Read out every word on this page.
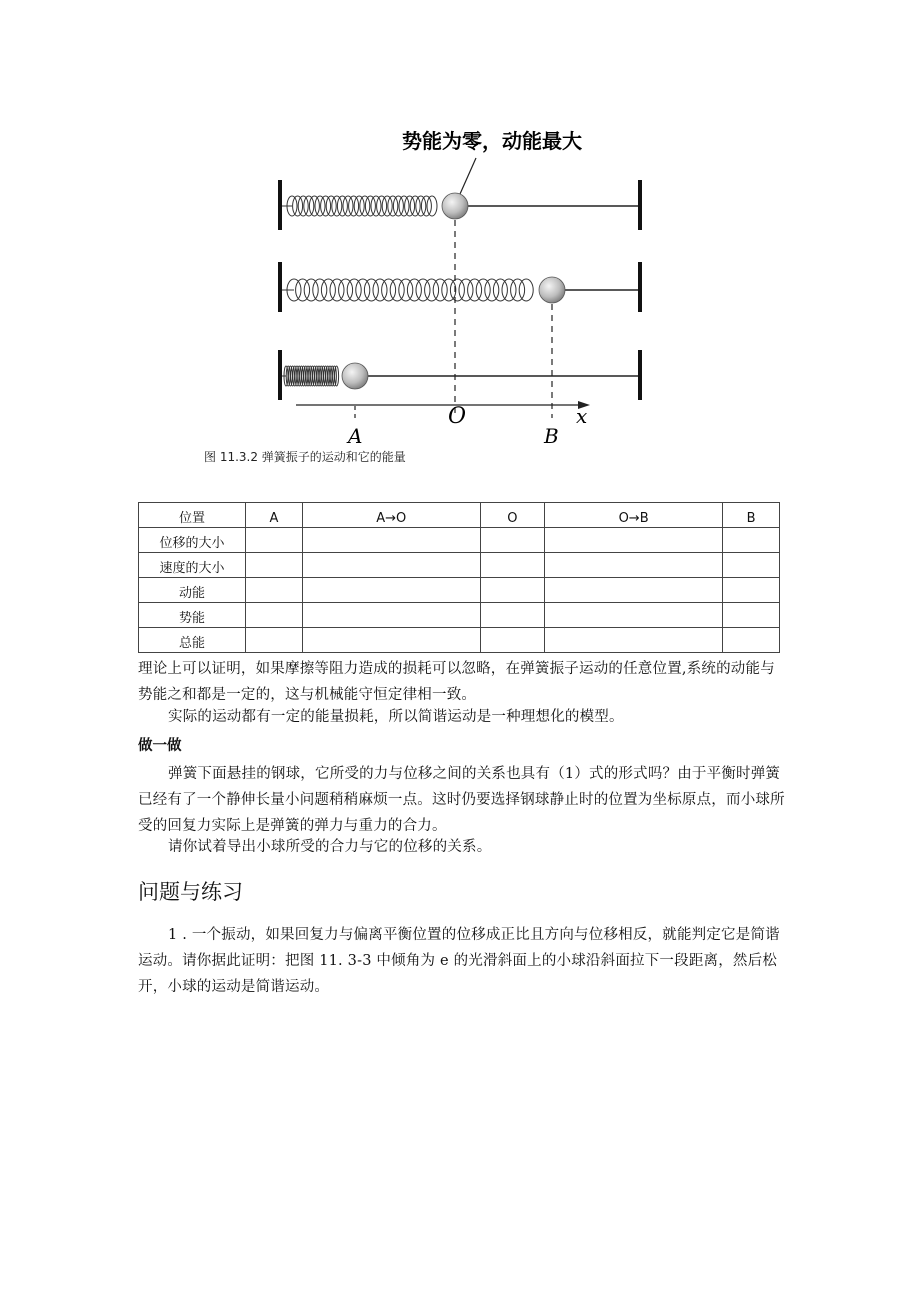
势能为零，动能最大
O	x
A	B
图 11.3.2 弹簧振子的运动和它的能量
位置	A	A→O	O	O→B	B
位移的大小					
速度的大小					
动能					
势能					
总能					
理论上可以证明，如果摩擦等阻力造成的损耗可以忽略，在弹簧振子运动的任意位置,系统的动能与势能之和都是一定的，这与机械能守恒定律相一致。
实际的运动都有一定的能量损耗，所以简谐运动是一种理想化的模型。
做一做
弹簧下面悬挂的钢球，它所受的力与位移之间的关系也具有（1）式的形式吗？由于平衡时弹簧已经有了一个静伸长量小问题稍稍麻烦一点。这时仍要选择钢球静止时的位置为坐标原点，而小球所受的回复力实际上是弹簧的弹力与重力的合力。
请你试着导出小球所受的合力与它的位移的关系。
问题与练习
1 . 一个振动，如果回复力与偏离平衡位置的位移成正比且方向与位移相反，就能判定它是简谐运动。请你据此证明：把图 11. 3-3 中倾角为 e 的光滑斜面上的小球沿斜面拉下一段距离，然后松开，小球的运动是简谐运动。
